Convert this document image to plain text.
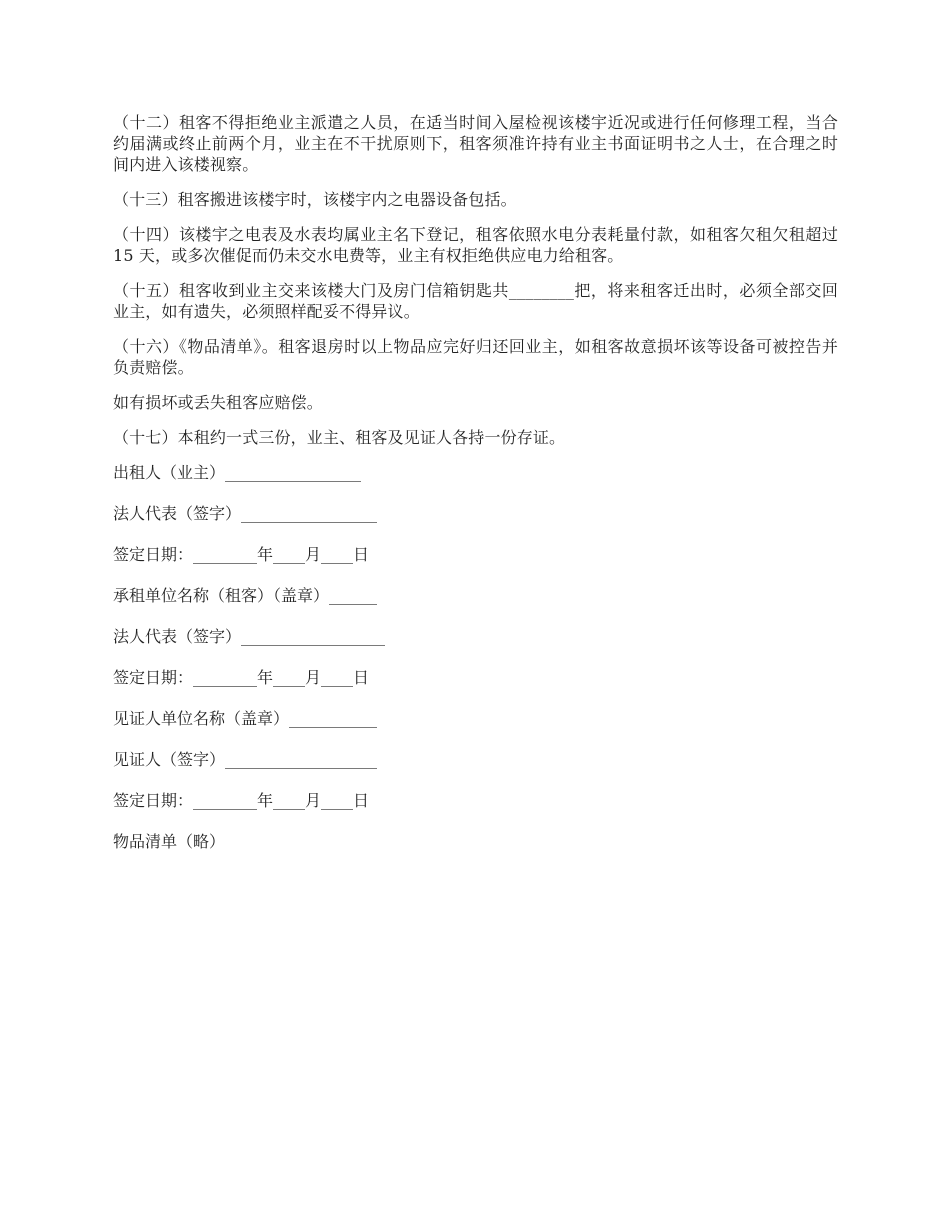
（十二）租客不得拒绝业主派遣之人员，在适当时间入屋检视该楼宇近况或进行任何修理工程，当合约届满或终止前两个月，业主在不干扰原则下，租客须准许持有业主书面证明书之人士，在合理之时间内进入该楼视察。

（十三）租客搬进该楼宇时，该楼宇内之电器设备包括。

（十四）该楼宇之电表及水表均属业主名下登记，租客依照水电分表耗量付款，如租客欠租欠租超过 15 天，或多次催促而仍未交水电费等，业主有权拒绝供应电力给租客。

（十五）租客收到业主交来该楼大门及房门信箱钥匙共________把，将来租客迁出时，必须全部交回业主，如有遗失，必须照样配妥不得异议。

（十六）《物品清单》。租客退房时以上物品应完好归还回业主，如租客故意损坏该等设备可被控告并负责赔偿。

如有损坏或丢失租客应赔偿。

（十七）本租约一式三份，业主、租客及见证人各持一份存证。

出租人（业主）_________________
法人代表（签字）_________________
签定日期：________年____月____日
承租单位名称（租客）（盖章）______
法人代表（签字）__________________
签定日期：________年____月____日
见证人单位名称（盖章）___________
见证人（签字）___________________
签定日期：________年____月____日
物品清单（略）
